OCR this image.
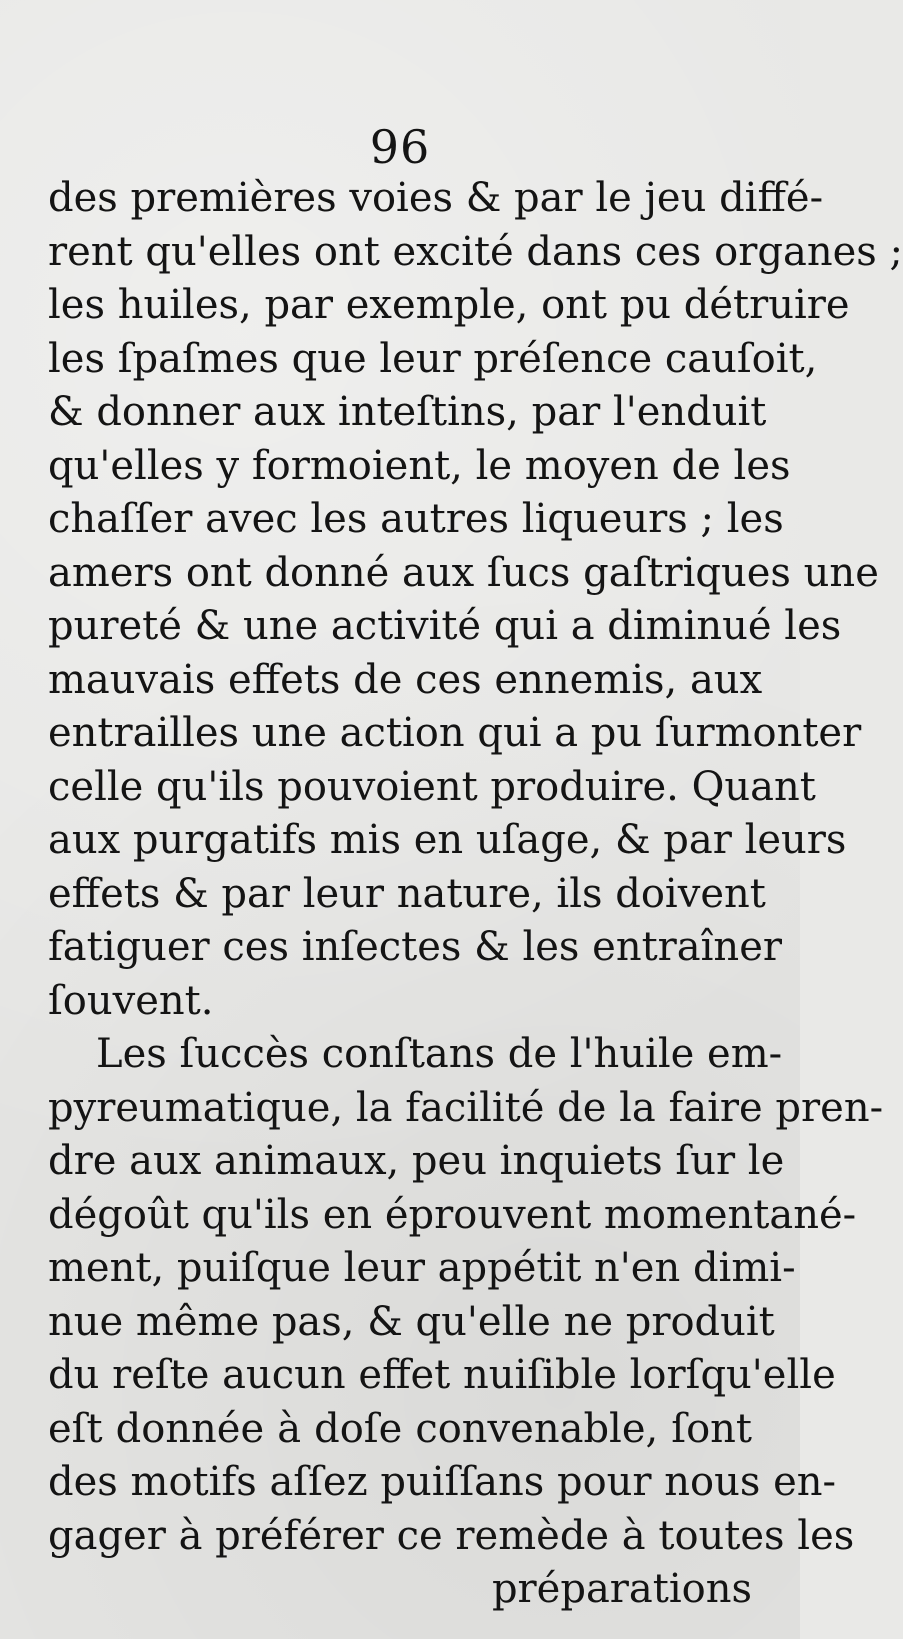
96
des premières voies & par le jeu diffé-
rent qu'elles ont excité dans ces organes ;
les huiles, par exemple, ont pu détruire
les ſpaſmes que leur préſence cauſoit,
& donner aux inteſtins, par l'enduit
qu'elles y formoient, le moyen de les
chaſſer avec les autres liqueurs ; les
amers ont donné aux ſucs gaſtriques une
pureté & une activité qui a diminué les
mauvais effets de ces ennemis, aux
entrailles une action qui a pu ſurmonter
celle qu'ils pouvoient produire. Quant
aux purgatifs mis en uſage, & par leurs
effets & par leur nature, ils doivent
fatiguer ces inſectes & les entraîner
ſouvent.
Les ſuccès conſtans de l'huile em-
pyreumatique, la facilité de la faire pren-
dre aux animaux, peu inquiets ſur le
dégoût qu'ils en éprouvent momentané-
ment, puiſque leur appétit n'en dimi-
nue même pas, & qu'elle ne produit
du reſte aucun effet nuiſible lorſqu'elle
eſt donnée à doſe convenable, ſont
des motifs aſſez puiſſans pour nous en-
gager à préférer ce remède à toutes les
préparations
